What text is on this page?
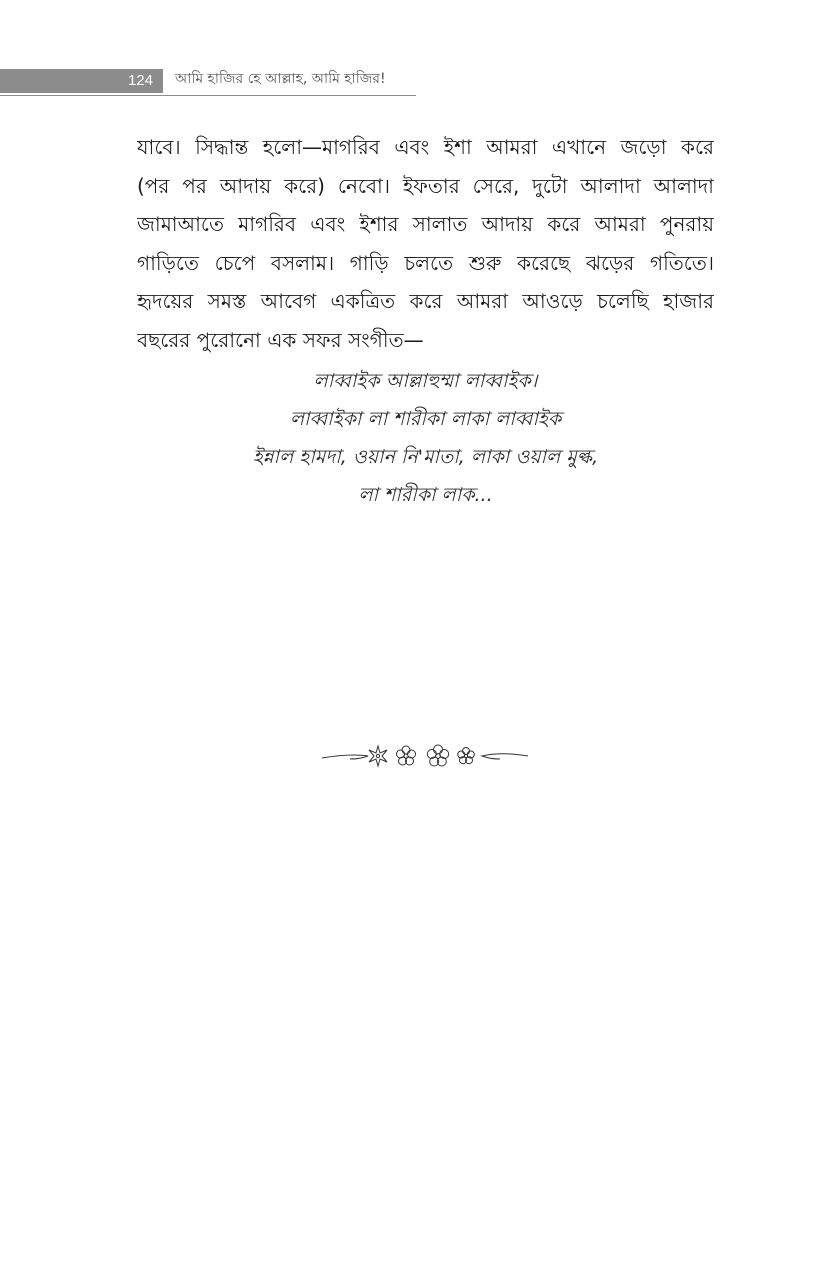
124 আমি হাজির হে আল্লাহ, আমি হাজির!
যাবে। সিদ্ধান্ত হলো—মাগরিব এবং ইশা আমরা এখানে জড়ো করে
(পর পর আদায় করে) নেবো। ইফতার সেরে, দুটো আলাদা আলাদা
জামাআতে মাগরিব এবং ইশার সালাত আদায় করে আমরা পুনরায়
গাড়িতে চেপে বসলাম। গাড়ি চলতে শুরু করেছে ঝড়ের গতিতে।
হৃদয়ের সমস্ত আবেগ একত্রিত করে আমরা আওড়ে চলেছি হাজার
বছরের পুরোনো এক সফর সংগীত—
লাব্বাইক আল্লাহুম্মা লাব্বাইক।
লাব্বাইকা লা শারীকা লাকা লাব্বাইক
ইন্নাল হামদা, ওয়ান নি'মাতা, লাকা ওয়াল মুল্ক,
লা শারীকা লাক...
